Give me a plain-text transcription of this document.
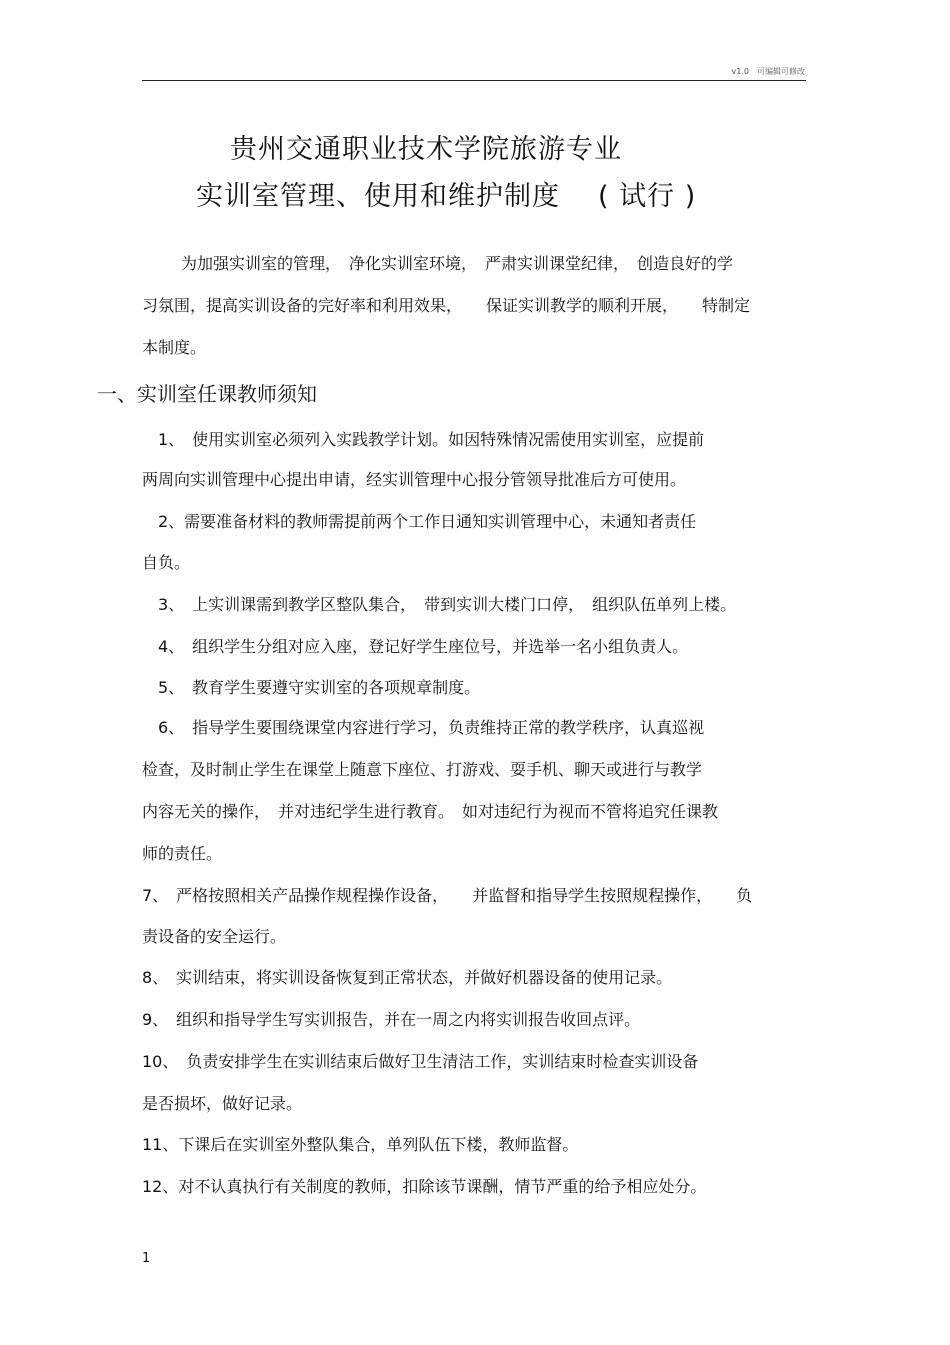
v1.0　可编辑可修改
贵州交通职业技术学院旅游专业
实训室管理、使用和维护制度 ( 试行 )
为加强实训室的管理，　净化实训室环境，　严肃实训课堂纪律，　创造良好的学
习氛围，提高实训设备的完好率和利用效果，　　保证实训教学的顺利开展，　　特制定
本制度。
一、实训室任课教师须知
1、　使用实训室必须列入实践教学计划。如因特殊情况需使用实训室，应提前
两周向实训管理中心提出申请，经实训管理中心报分管领导批准后方可使用。
2、需要准备材料的教师需提前两个工作日通知实训管理中心，未通知者责任
自负。
3、　上实训课需到教学区整队集合，　带到实训大楼门口停，　组织队伍单列上楼。
4、　组织学生分组对应入座，登记好学生座位号，并选举一名小组负责人。
5、　教育学生要遵守实训室的各项规章制度。
6、　指导学生要围绕课堂内容进行学习，负责维持正常的教学秩序，认真巡视
检查，及时制止学生在课堂上随意下座位、打游戏、耍手机、聊天或进行与教学
内容无关的操作，　并对违纪学生进行教育。　如对违纪行为视而不管将追究任课教
师的责任。
7、　严格按照相关产品操作规程操作设备，　　并监督和指导学生按照规程操作，　　负
责设备的安全运行。
8、　实训结束，将实训设备恢复到正常状态，并做好机器设备的使用记录。
9、　组织和指导学生写实训报告，并在一周之内将实训报告收回点评。
10、　负责安排学生在实训结束后做好卫生清洁工作，实训结束时检查实训设备
是否损坏，做好记录。
11、下课后在实训室外整队集合，单列队伍下楼，教师监督。
12、对不认真执行有关制度的教师，扣除该节课酬，情节严重的给予相应处分。
1
